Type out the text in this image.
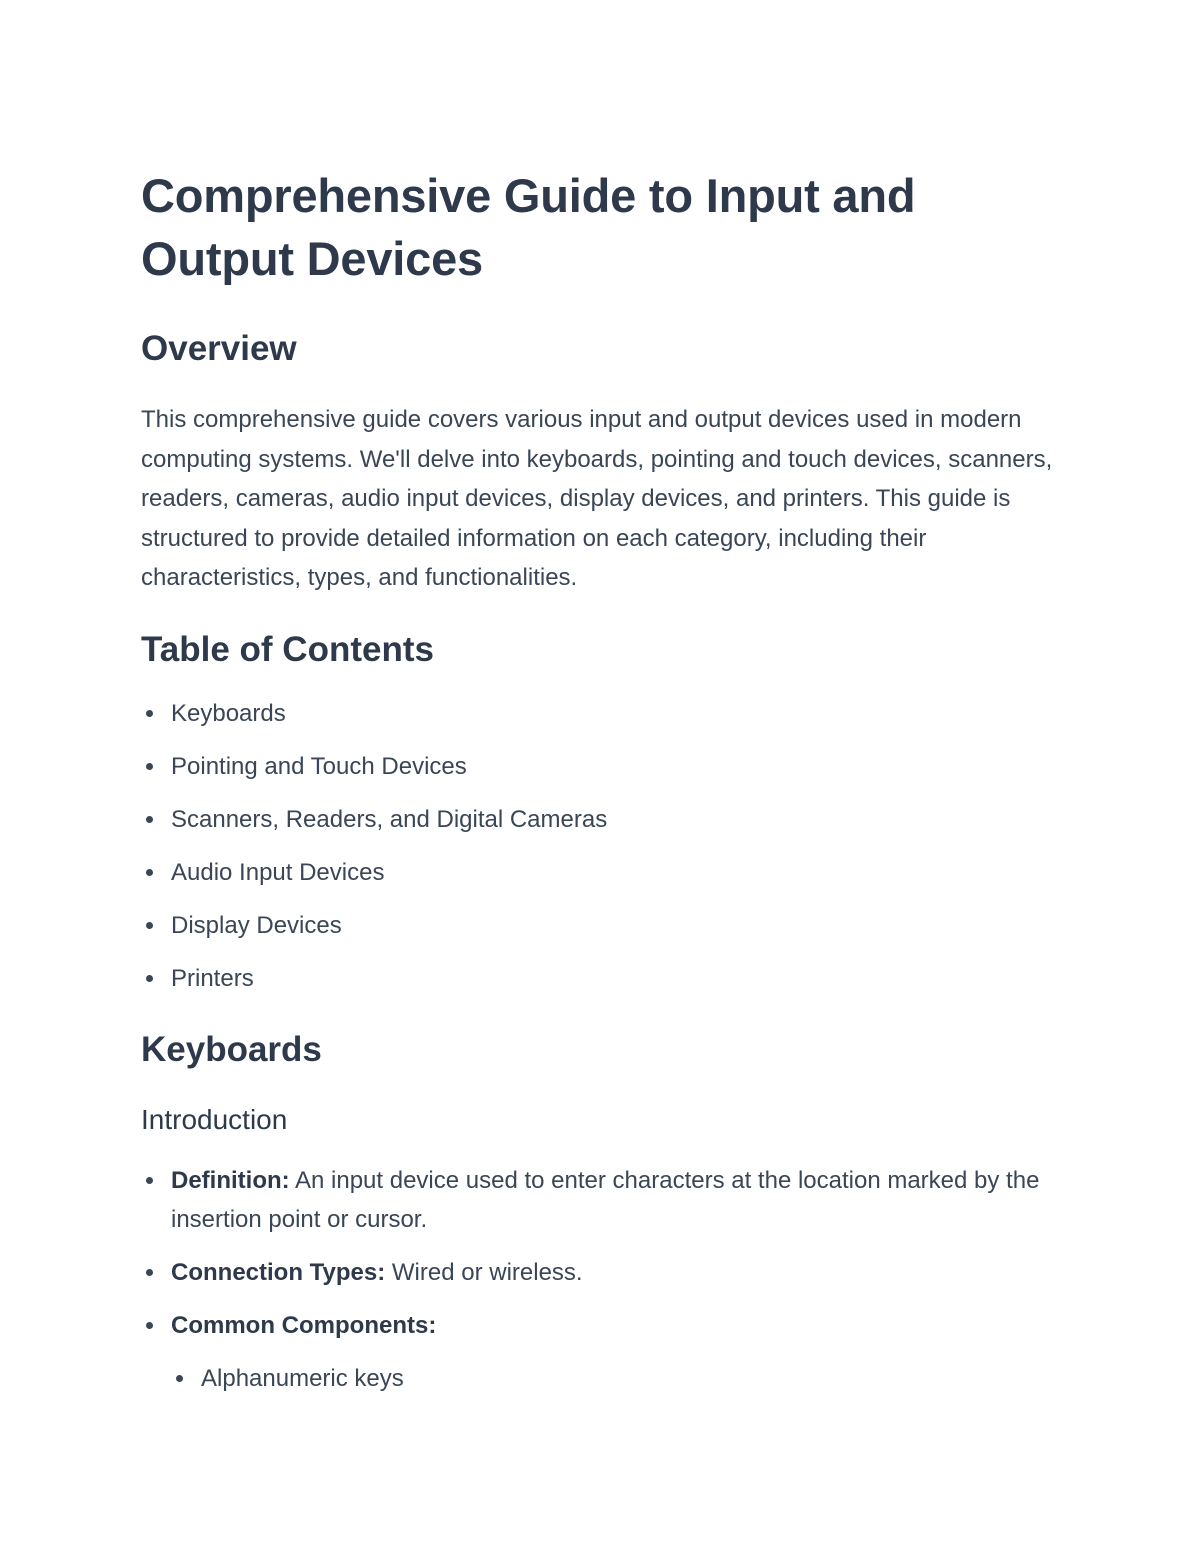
Comprehensive Guide to Input and Output Devices
Overview

This comprehensive guide covers various input and output devices used in modern computing systems. We'll delve into keyboards, pointing and touch devices, scanners, readers, cameras, audio input devices, display devices, and printers. This guide is structured to provide detailed information on each category, including their characteristics, types, and functionalities.

Table of Contents
Keyboards
Pointing and Touch Devices
Scanners, Readers, and Digital Cameras
Audio Input Devices
Display Devices
Printers
Keyboards
Introduction
Definition: An input device used to enter characters at the location marked by the insertion point or cursor.
Connection Types: Wired or wireless.
Common Components:
Alphanumeric keys
